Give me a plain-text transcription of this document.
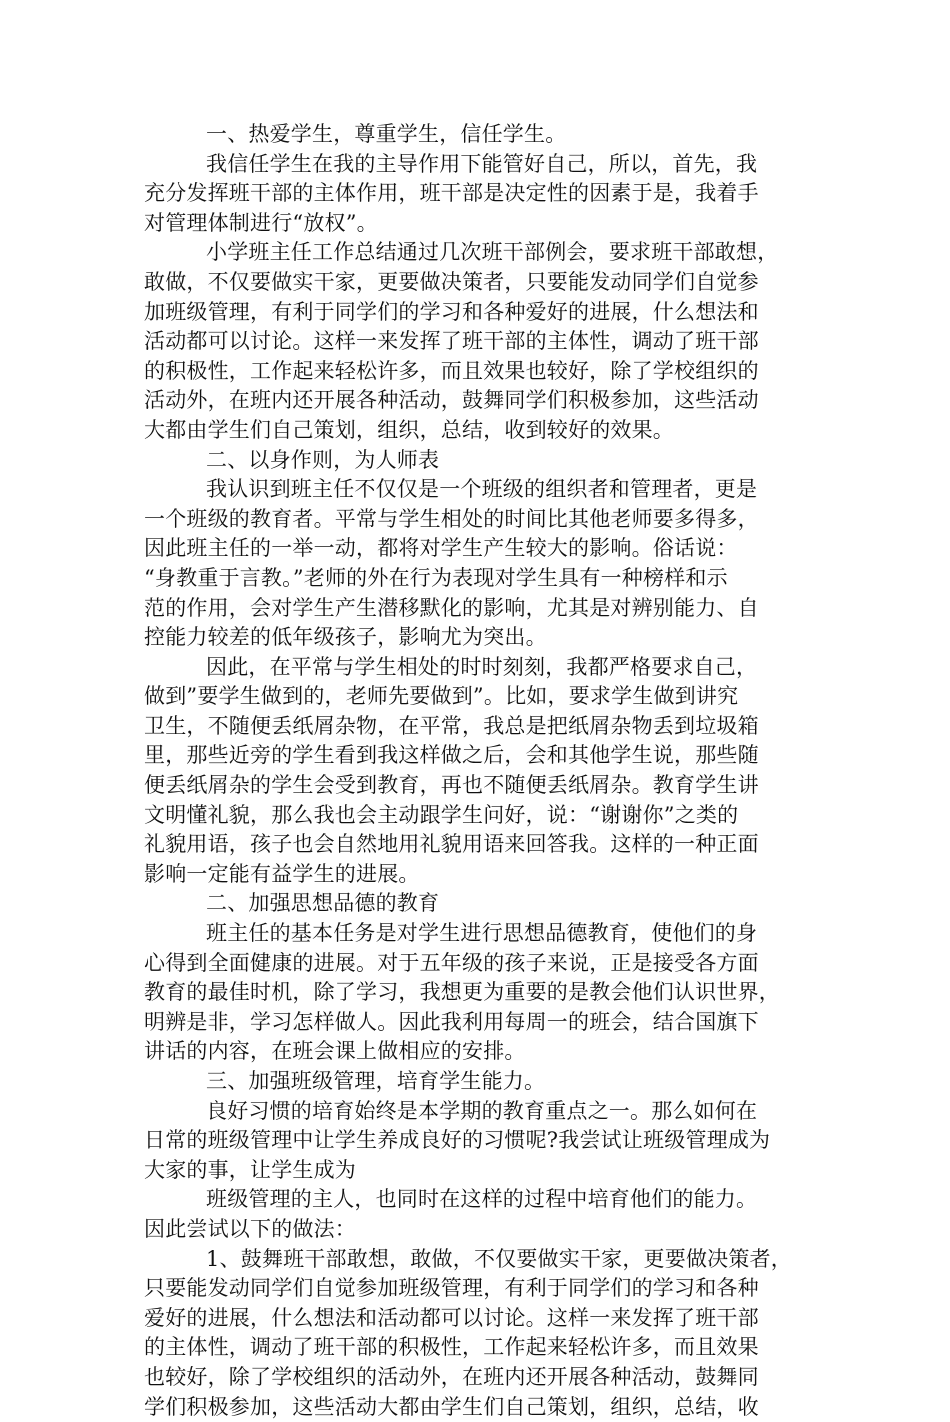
一、热爱学生，尊重学生，信任学生。
我信任学生在我的主导作用下能管好自己，所以，首先，我
充分发挥班干部的主体作用，班干部是决定性的因素于是，我着手
对管理体制进行“放权”。
小学班主任工作总结通过几次班干部例会，要求班干部敢想，
敢做，不仅要做实干家，更要做决策者，只要能发动同学们自觉参
加班级管理，有利于同学们的学习和各种爱好的进展，什么想法和
活动都可以讨论。这样一来发挥了班干部的主体性，调动了班干部
的积极性，工作起来轻松许多，而且效果也较好，除了学校组织的
活动外，在班内还开展各种活动，鼓舞同学们积极参加，这些活动
大都由学生们自己策划，组织，总结，收到较好的效果。
二、以身作则，为人师表
我认识到班主任不仅仅是一个班级的组织者和管理者，更是
一个班级的教育者。平常与学生相处的时间比其他老师要多得多，
因此班主任的一举一动，都将对学生产生较大的影响。俗话说：
“身教重于言教。”老师的外在行为表现对学生具有一种榜样和示
范的作用，会对学生产生潜移默化的影响，尤其是对辨别能力、自
控能力较差的低年级孩子，影响尤为突出。
因此，在平常与学生相处的时时刻刻，我都严格要求自己，
做到”要学生做到的，老师先要做到”。比如，要求学生做到讲究
卫生，不随便丢纸屑杂物，在平常，我总是把纸屑杂物丢到垃圾箱
里，那些近旁的学生看到我这样做之后，会和其他学生说，那些随
便丢纸屑杂的学生会受到教育，再也不随便丢纸屑杂。教育学生讲
文明懂礼貌，那么我也会主动跟学生问好，说：“谢谢你”之类的
礼貌用语，孩子也会自然地用礼貌用语来回答我。这样的一种正面
影响一定能有益学生的进展。
二、加强思想品德的教育
班主任的基本任务是对学生进行思想品德教育，使他们的身
心得到全面健康的进展。对于五年级的孩子来说，正是接受各方面
教育的最佳时机，除了学习，我想更为重要的是教会他们认识世界，
明辨是非，学习怎样做人。因此我利用每周一的班会，结合国旗下
讲话的内容，在班会课上做相应的安排。
三、加强班级管理，培育学生能力。
良好习惯的培育始终是本学期的教育重点之一。那么如何在
日常的班级管理中让学生养成良好的习惯呢?我尝试让班级管理成为
大家的事，让学生成为
班级管理的主人，也同时在这样的过程中培育他们的能力。
因此尝试以下的做法：
1、鼓舞班干部敢想，敢做，不仅要做实干家，更要做决策者，
只要能发动同学们自觉参加班级管理，有利于同学们的学习和各种
爱好的进展，什么想法和活动都可以讨论。这样一来发挥了班干部
的主体性，调动了班干部的积极性，工作起来轻松许多，而且效果
也较好，除了学校组织的活动外，在班内还开展各种活动，鼓舞同
学们积极参加，这些活动大都由学生们自己策划，组织，总结，收
